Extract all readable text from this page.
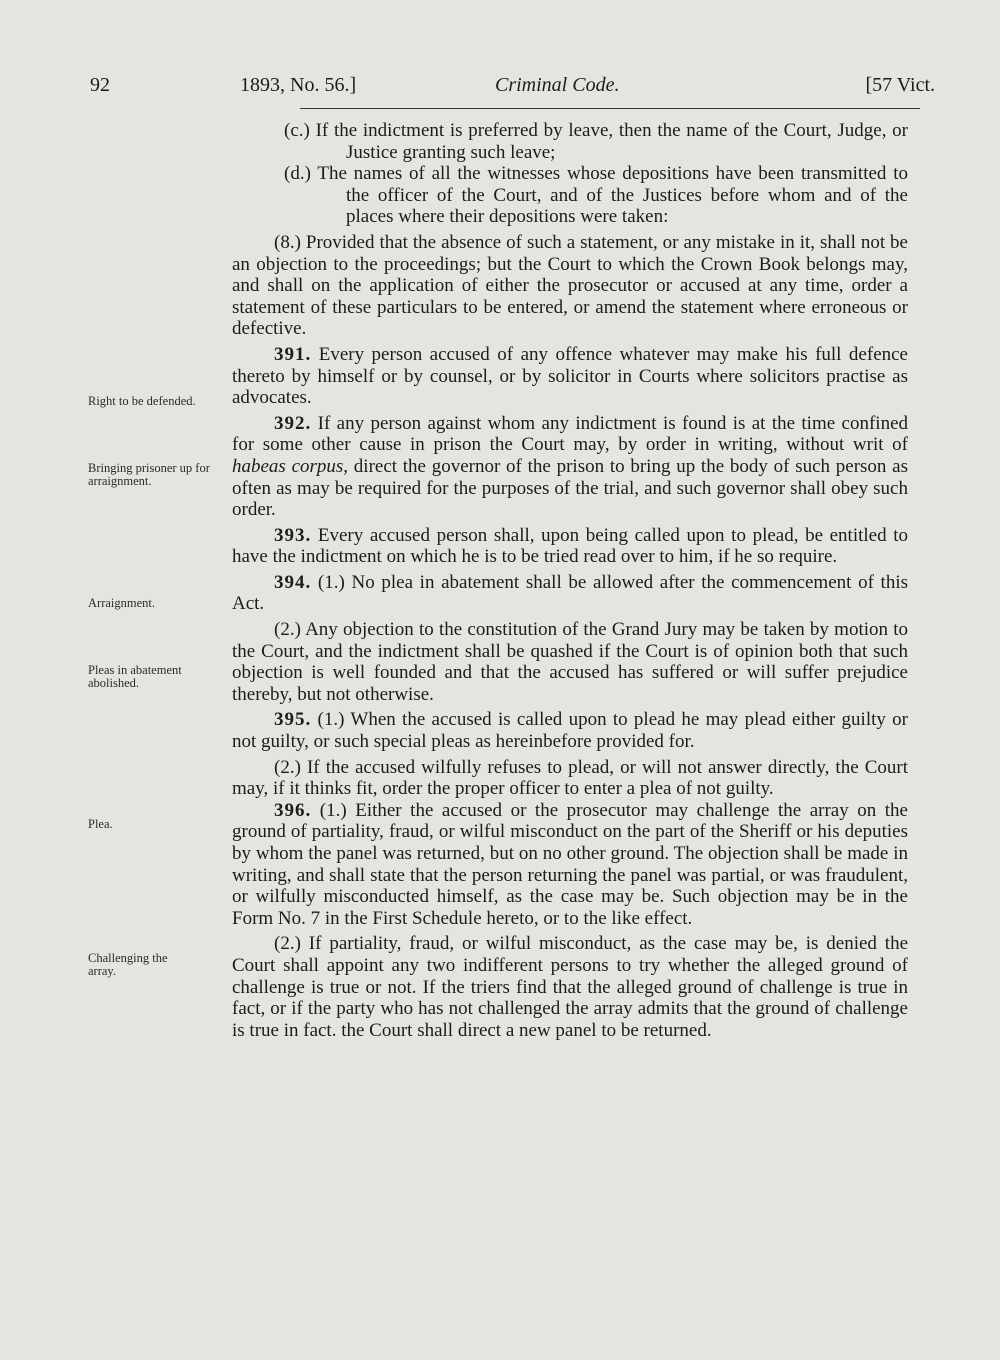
92	1893, No. 56.]	Criminal Code.	[57 Vict.
Right to be defended.
Bringing prisoner up for arraignment.
Arraignment.
Pleas in abatement abolished.
Plea.
Challenging the array.

(c.) If the indictment is preferred by leave, then the name of the Court, Judge, or Justice granting such leave;

(d.) The names of all the witnesses whose depositions have been transmitted to the officer of the Court, and of the Justices before whom and of the places where their depositions were taken:

(8.) Provided that the absence of such a statement, or any mistake in it, shall not be an objection to the proceedings; but the Court to which the Crown Book belongs may, and shall on the application of either the prosecutor or accused at any time, order a statement of these particulars to be entered, or amend the statement where erroneous or defective.

391. Every person accused of any offence whatever may make his full defence thereto by himself or by counsel, or by solicitor in Courts where solicitors practise as advocates.

392. If any person against whom any indictment is found is at the time confined for some other cause in prison the Court may, by order in writing, without writ of habeas corpus, direct the governor of the prison to bring up the body of such person as often as may be required for the purposes of the trial, and such governor shall obey such order.

393. Every accused person shall, upon being called upon to plead, be entitled to have the indictment on which he is to be tried read over to him, if he so require.

394. (1.) No plea in abatement shall be allowed after the commencement of this Act.

(2.) Any objection to the constitution of the Grand Jury may be taken by motion to the Court, and the indictment shall be quashed if the Court is of opinion both that such objection is well founded and that the accused has suffered or will suffer prejudice thereby, but not otherwise.

395. (1.) When the accused is called upon to plead he may plead either guilty or not guilty, or such special pleas as hereinbefore provided for.

(2.) If the accused wilfully refuses to plead, or will not answer directly, the Court may, if it thinks fit, order the proper officer to enter a plea of not guilty.

396. (1.) Either the accused or the prosecutor may challenge the array on the ground of partiality, fraud, or wilful misconduct on the part of the Sheriff or his deputies by whom the panel was returned, but on no other ground. The objection shall be made in writing, and shall state that the person returning the panel was partial, or was fraudulent, or wilfully misconducted himself, as the case may be. Such objection may be in the Form No. 7 in the First Schedule hereto, or to the like effect.

(2.) If partiality, fraud, or wilful misconduct, as the case may be, is denied the Court shall appoint any two indifferent persons to try whether the alleged ground of challenge is true or not. If the triers find that the alleged ground of challenge is true in fact, or if the party who has not challenged the array admits that the ground of challenge is true in fact. the Court shall direct a new panel to be returned.
